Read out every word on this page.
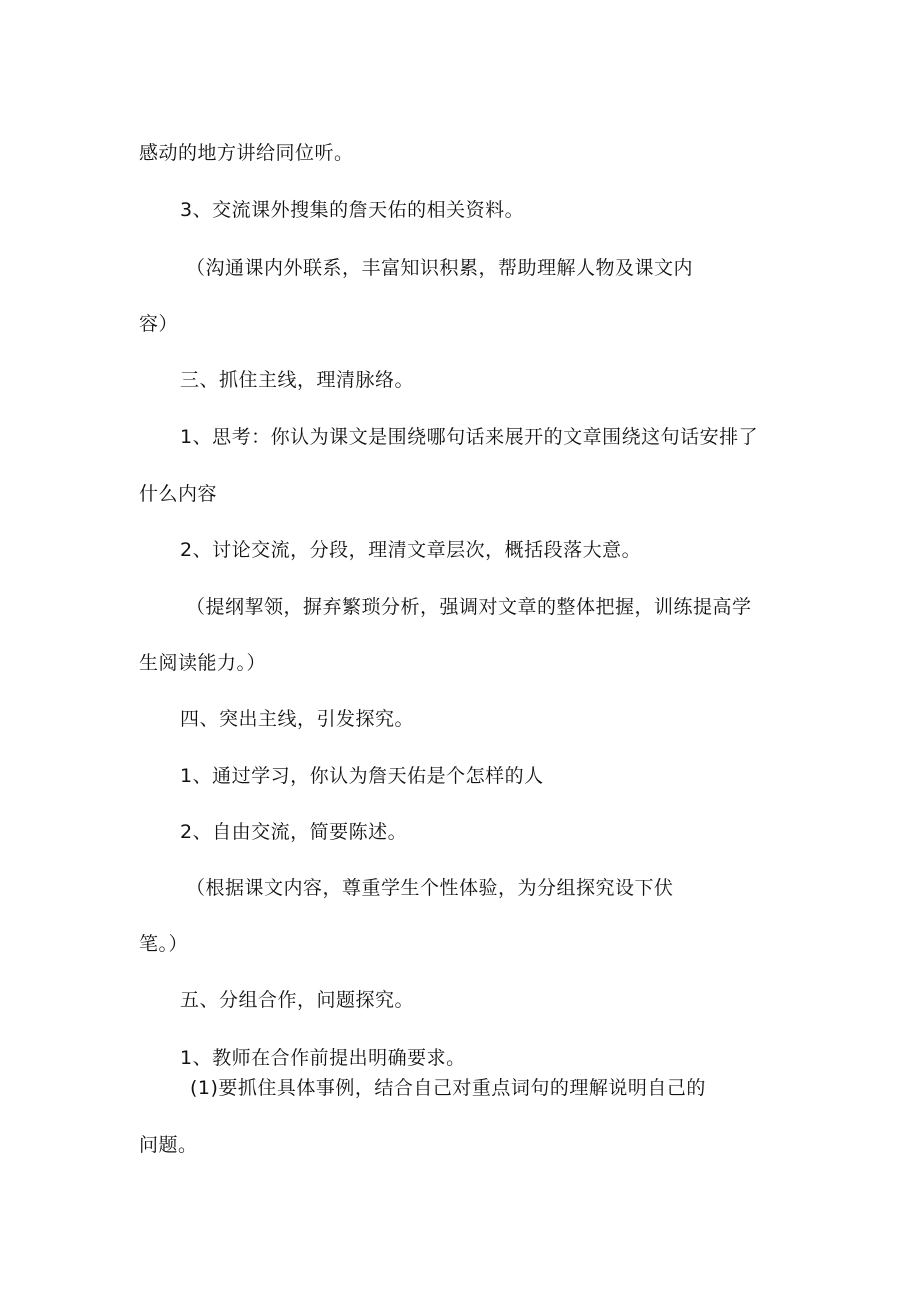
感动的地方讲给同位听。
3、交流课外搜集的詹天佑的相关资料。
（沟通课内外联系，丰富知识积累，帮助理解人物及课文内
容）
三、抓住主线，理清脉络。
1、思考：你认为课文是围绕哪句话来展开的文章围绕这句话安排了
什么内容
2、讨论交流，分段，理清文章层次，概括段落大意。
（提纲挈领，摒弃繁琐分析，强调对文章的整体把握，训练提高学
生阅读能力。）
四、突出主线，引发探究。
1、通过学习，你认为詹天佑是个怎样的人
2、自由交流，简要陈述。
（根据课文内容，尊重学生个性体验，为分组探究设下伏
笔。）
五、分组合作，问题探究。
1、教师在合作前提出明确要求。
(1)要抓住具体事例，结合自己对重点词句的理解说明自己的
问题。
